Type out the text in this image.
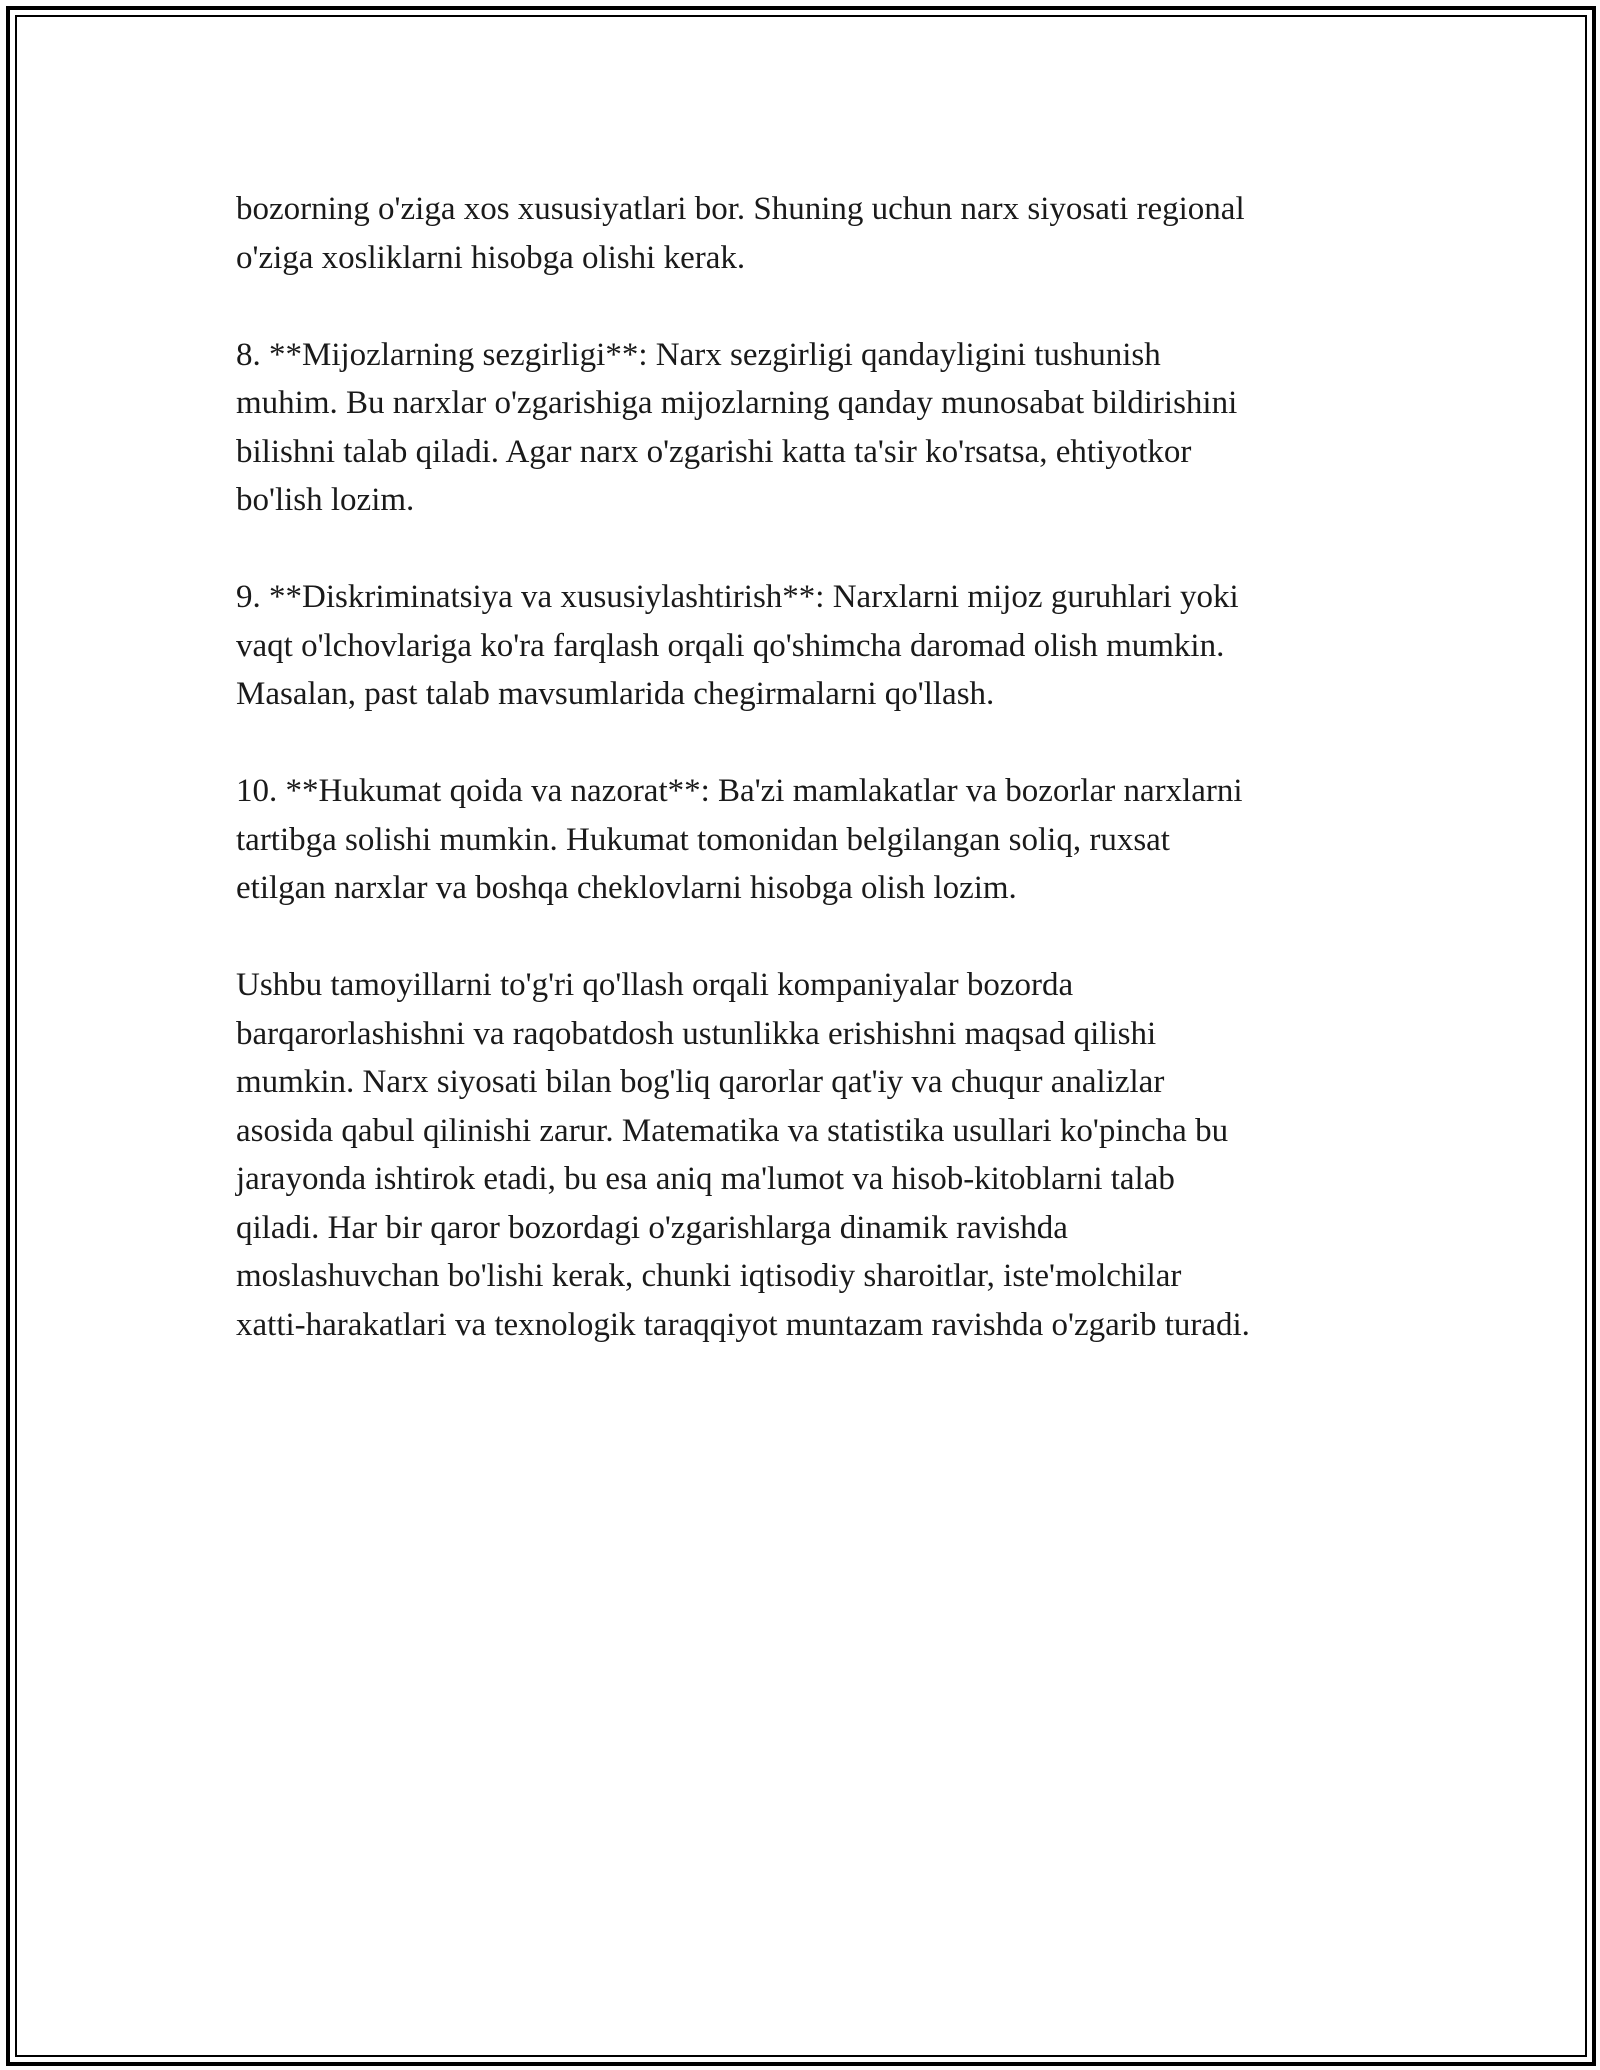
bozorning o'ziga xos xususiyatlari bor. Shuning uchun narx siyosati regional
o'ziga xosliklarni hisobga olishi kerak.

8. **Mijozlarning sezgirligi**: Narx sezgirligi qandayligini tushunish
muhim. Bu narxlar o'zgarishiga mijozlarning qanday munosabat bildirishini
bilishni talab qiladi. Agar narx o'zgarishi katta ta'sir ko'rsatsa, ehtiyotkor
bo'lish lozim.

9. **Diskriminatsiya va xususiylashtirish**: Narxlarni mijoz guruhlari yoki
vaqt o'lchovlariga ko'ra farqlash orqali qo'shimcha daromad olish mumkin.
Masalan, past talab mavsumlarida chegirmalarni qo'llash.

10. **Hukumat qoida va nazorat**: Ba'zi mamlakatlar va bozorlar narxlarni
tartibga solishi mumkin. Hukumat tomonidan belgilangan soliq, ruxsat
etilgan narxlar va boshqa cheklovlarni hisobga olish lozim.

Ushbu tamoyillarni to'g'ri qo'llash orqali kompaniyalar bozorda
barqarorlashishni va raqobatdosh ustunlikka erishishni maqsad qilishi
mumkin. Narx siyosati bilan bog'liq qarorlar qat'iy va chuqur analizlar
asosida qabul qilinishi zarur. Matematika va statistika usullari ko'pincha bu
jarayonda ishtirok etadi, bu esa aniq ma'lumot va hisob-kitoblarni talab
qiladi. Har bir qaror bozordagi o'zgarishlarga dinamik ravishda
moslashuvchan bo'lishi kerak, chunki iqtisodiy sharoitlar, iste'molchilar
xatti-harakatlari va texnologik taraqqiyot muntazam ravishda o'zgarib turadi.
